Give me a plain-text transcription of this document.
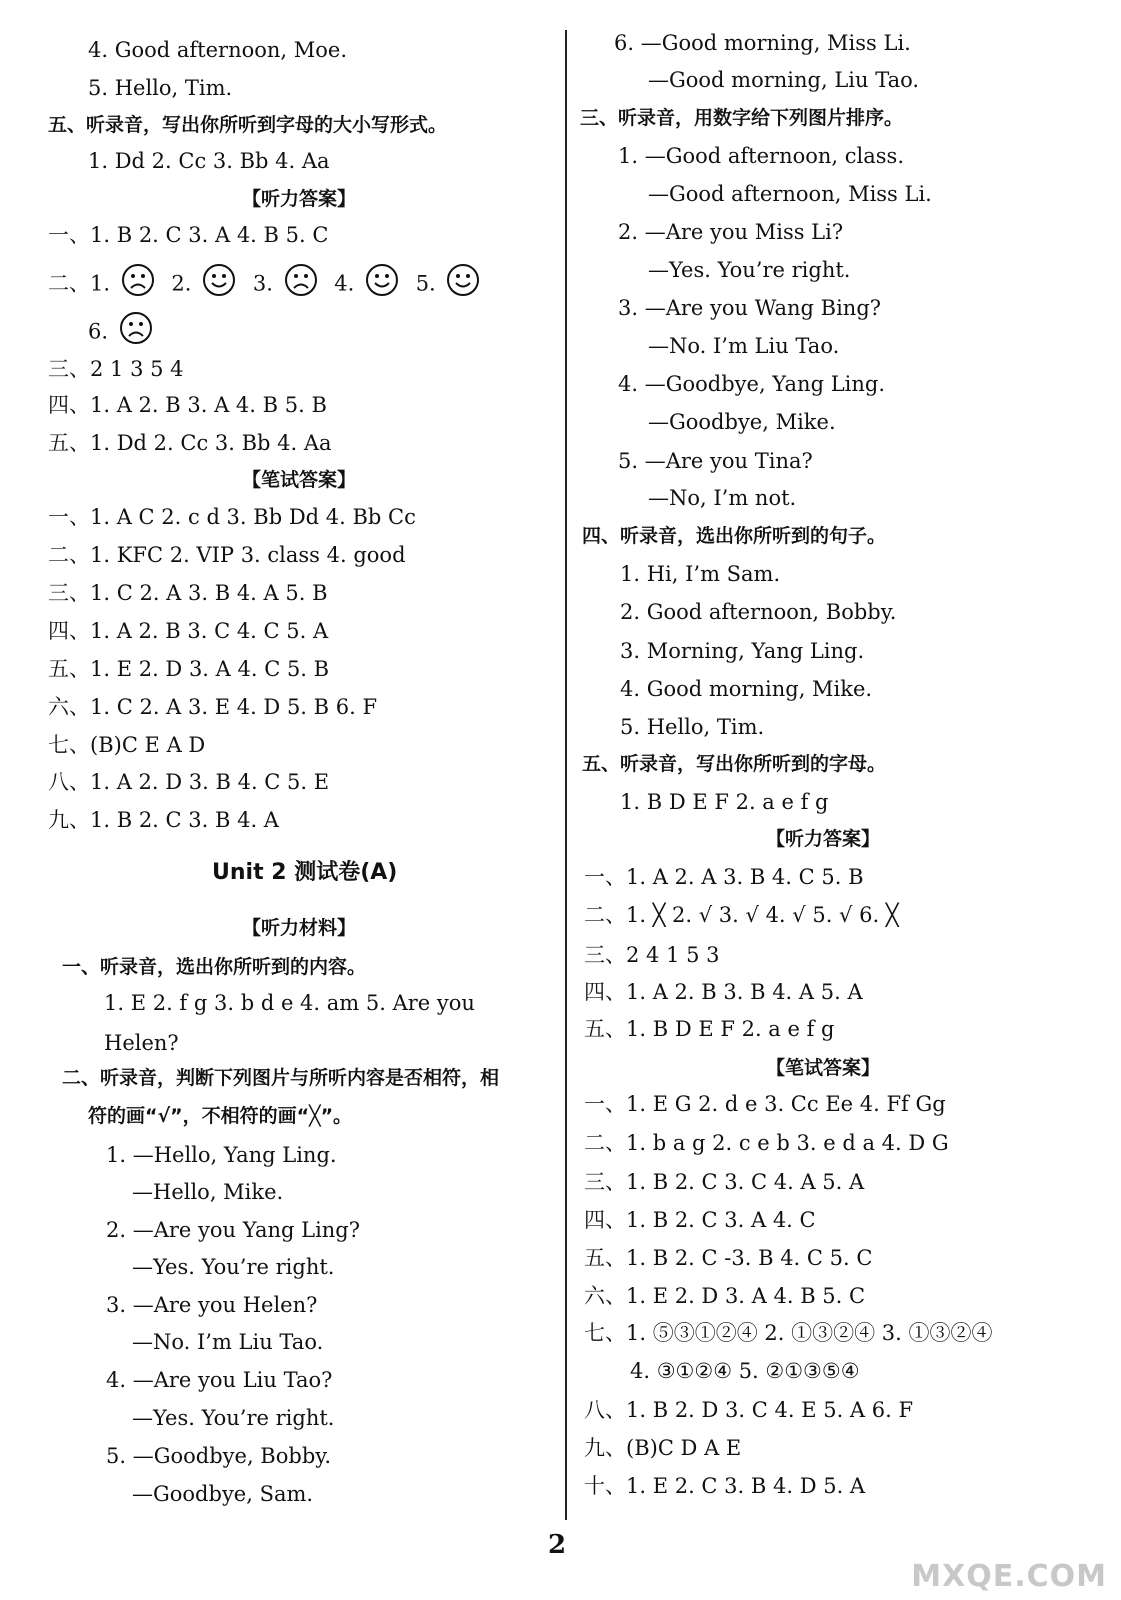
4. Good afternoon, Moe.
5. Hello, Tim.
五、听录音，写出你所听到字母的大小写形式。
1. Dd 2. Cc 3. Bb 4. Aa
【听力答案】
一、1. B 2. C 3. A 4. B 5. C
二、1.	2.	3.	4.	5.
6.
三、2 1 3 5 4
四、1. A 2. B 3. A 4. B 5. B
五、1. Dd 2. Cc 3. Bb 4. Aa
【笔试答案】
一、1. A C 2. c d 3. Bb Dd 4. Bb Cc
二、1. KFC 2. VIP 3. class 4. good
三、1. C 2. A 3. B 4. A 5. B
四、1. A 2. B 3. C 4. C 5. A
五、1. E 2. D 3. A 4. C 5. B
六、1. C 2. A 3. E 4. D 5. B 6. F
七、(B)C E A D
八、1. A 2. D 3. B 4. C 5. E
九、1. B 2. C 3. B 4. A
Unit 2 测试卷(A)
【听力材料】
一、听录音，选出你所听到的内容。
1. E 2. f g 3. b d e 4. am 5. Are you
Helen?
二、听录音，判断下列图片与所听内容是否相符，相
符的画“√”，不相符的画“╳”。
1. —Hello, Yang Ling.
—Hello, Mike.
2. —Are you Yang Ling?
—Yes. You’re right.
3. —Are you Helen?
—No. I’m Liu Tao.
4. —Are you Liu Tao?
—Yes. You’re right.
5. —Goodbye, Bobby.
—Goodbye, Sam.
6. —Good morning, Miss Li.
—Good morning, Liu Tao.
三、听录音，用数字给下列图片排序。
1. —Good afternoon, class.
—Good afternoon, Miss Li.
2. —Are you Miss Li?
—Yes. You’re right.
3. —Are you Wang Bing?
—No. I’m Liu Tao.
4. —Goodbye, Yang Ling.
—Goodbye, Mike.
5. —Are you Tina?
—No, I’m not.
四、听录音，选出你所听到的句子。
1. Hi, I’m Sam.
2. Good afternoon, Bobby.
3. Morning, Yang Ling.
4. Good morning, Mike.
5. Hello, Tim.
五、听录音，写出你所听到的字母。
1. B D E F 2. a e f g
【听力答案】
一、1. A 2. A 3. B 4. C 5. B
二、1. ╳ 2. √ 3. √ 4. √ 5. √ 6. ╳
三、2 4 1 5 3
四、1. A 2. B 3. B 4. A 5. A
五、1. B D E F 2. a e f g
【笔试答案】
一、1. E G 2. d e 3. Cc Ee 4. Ff Gg
二、1. b a g 2. c e b 3. e d a 4. D G
三、1. B 2. C 3. C 4. A 5. A
四、1. B 2. C 3. A 4. C
五、1. B 2. C -3. B 4. C 5. C
六、1. E 2. D 3. A 4. B 5. C
七、1. ⑤③①②④ 2. ①③②④ 3. ①③②④
4. ③①②④ 5. ②①③⑤④
八、1. B 2. D 3. C 4. E 5. A 6. F
九、(B)C D A E
十、1. E 2. C 3. B 4. D 5. A
2
MXQE.COM
